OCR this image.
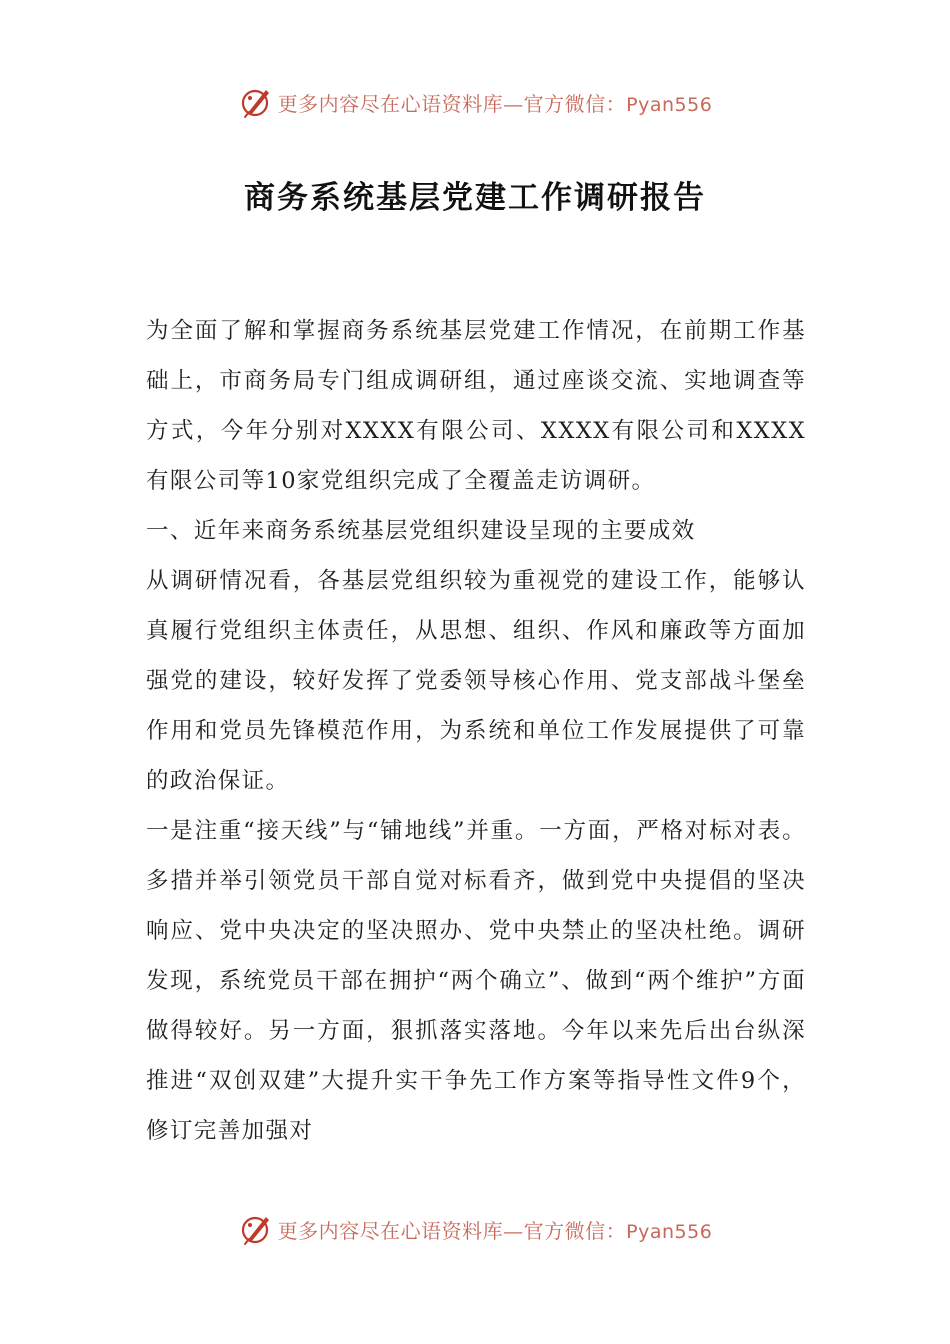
更多内容尽在心语资料库—官方微信：Pyan556
商务系统基层党建工作调研报告

为全面了解和掌握商务系统基层党建工作情况，在前期工作基础上，市商务局专门组成调研组，通过座谈交流、实地调查等方式，今年分别对XXXX有限公司、XXXX有限公司和XXXX有限公司等10家党组织完成了全覆盖走访调研。

一、近年来商务系统基层党组织建设呈现的主要成效

从调研情况看，各基层党组织较为重视党的建设工作，能够认真履行党组织主体责任，从思想、组织、作风和廉政等方面加强党的建设，较好发挥了党委领导核心作用、党支部战斗堡垒作用和党员先锋模范作用，为系统和单位工作发展提供了可靠的政治保证。

一是注重“接天线”与“铺地线”并重。一方面，严格对标对表。多措并举引领党员干部自觉对标看齐，做到党中央提倡的坚决响应、党中央决定的坚决照办、党中央禁止的坚决杜绝。调研发现，系统党员干部在拥护“两个确立”、做到“两个维护”方面做得较好。另一方面，狠抓落实落地。今年以来先后出台纵深推进“双创双建”大提升实干争先工作方案等指导性文件9个，修订完善加强对

更多内容尽在心语资料库—官方微信：Pyan556
